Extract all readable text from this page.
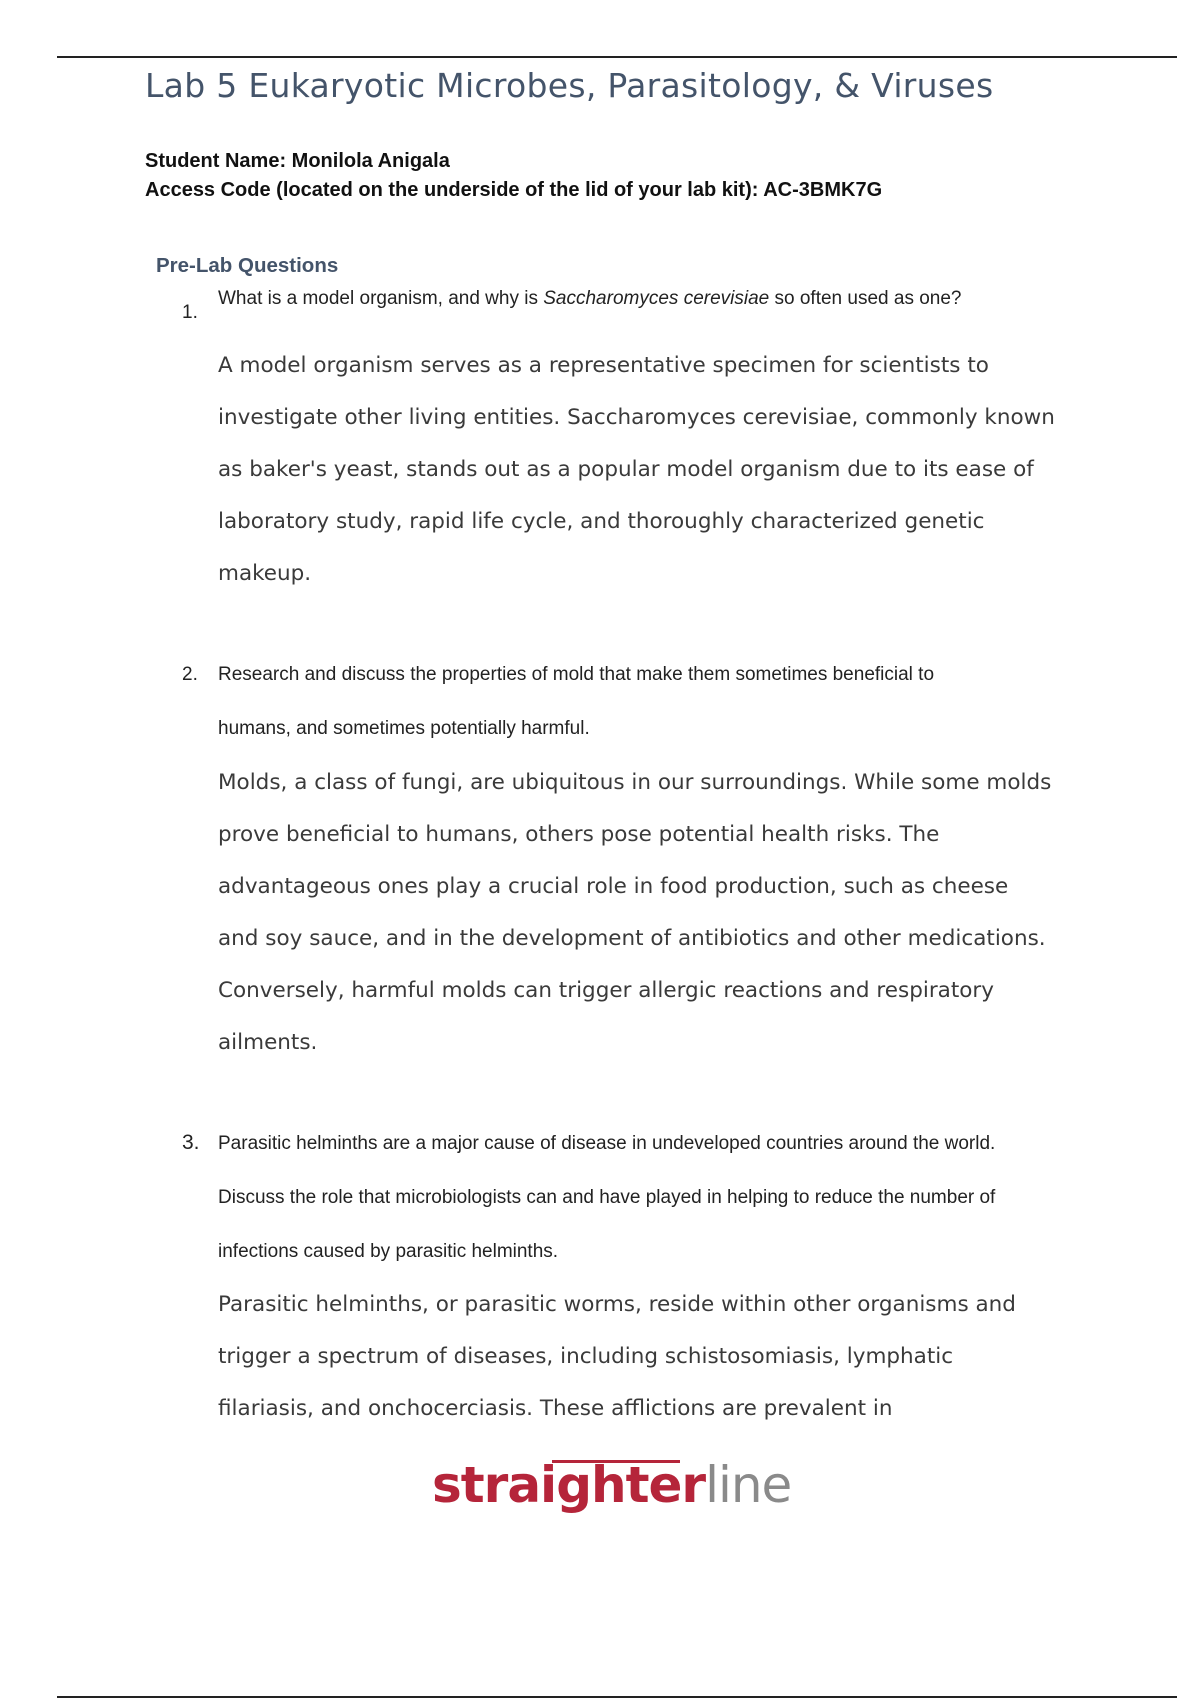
Lab 5 Eukaryotic Microbes, Parasitology, & Viruses
Student Name: Monilola Anigala
Access Code (located on the underside of the lid of your lab kit): AC-3BMK7G
Pre-Lab Questions
1.
What is a model organism, and why is Saccharomyces cerevisiae so often used as one?
A model organism serves as a representative specimen for scientists to
investigate other living entities. Saccharomyces cerevisiae, commonly known
as baker's yeast, stands out as a popular model organism due to its ease of
laboratory study, rapid life cycle, and thoroughly characterized genetic
makeup.
2. Research and discuss the properties of mold that make them sometimes beneficial to
humans, and sometimes potentially harmful.
Molds, a class of fungi, are ubiquitous in our surroundings. While some molds
prove beneficial to humans, others pose potential health risks. The
advantageous ones play a crucial role in food production, such as cheese
and soy sauce, and in the development of antibiotics and other medications.
Conversely, harmful molds can trigger allergic reactions and respiratory
ailments.
3. Parasitic helminths are a major cause of disease in undeveloped countries around the world.
Discuss the role that microbiologists can and have played in helping to reduce the number of
infections caused by parasitic helminths.
Parasitic helminths, or parasitic worms, reside within other organisms and
trigger a spectrum of diseases, including schistosomiasis, lymphatic
filariasis, and onchocerciasis. These afflictions are prevalent in
straighterline
